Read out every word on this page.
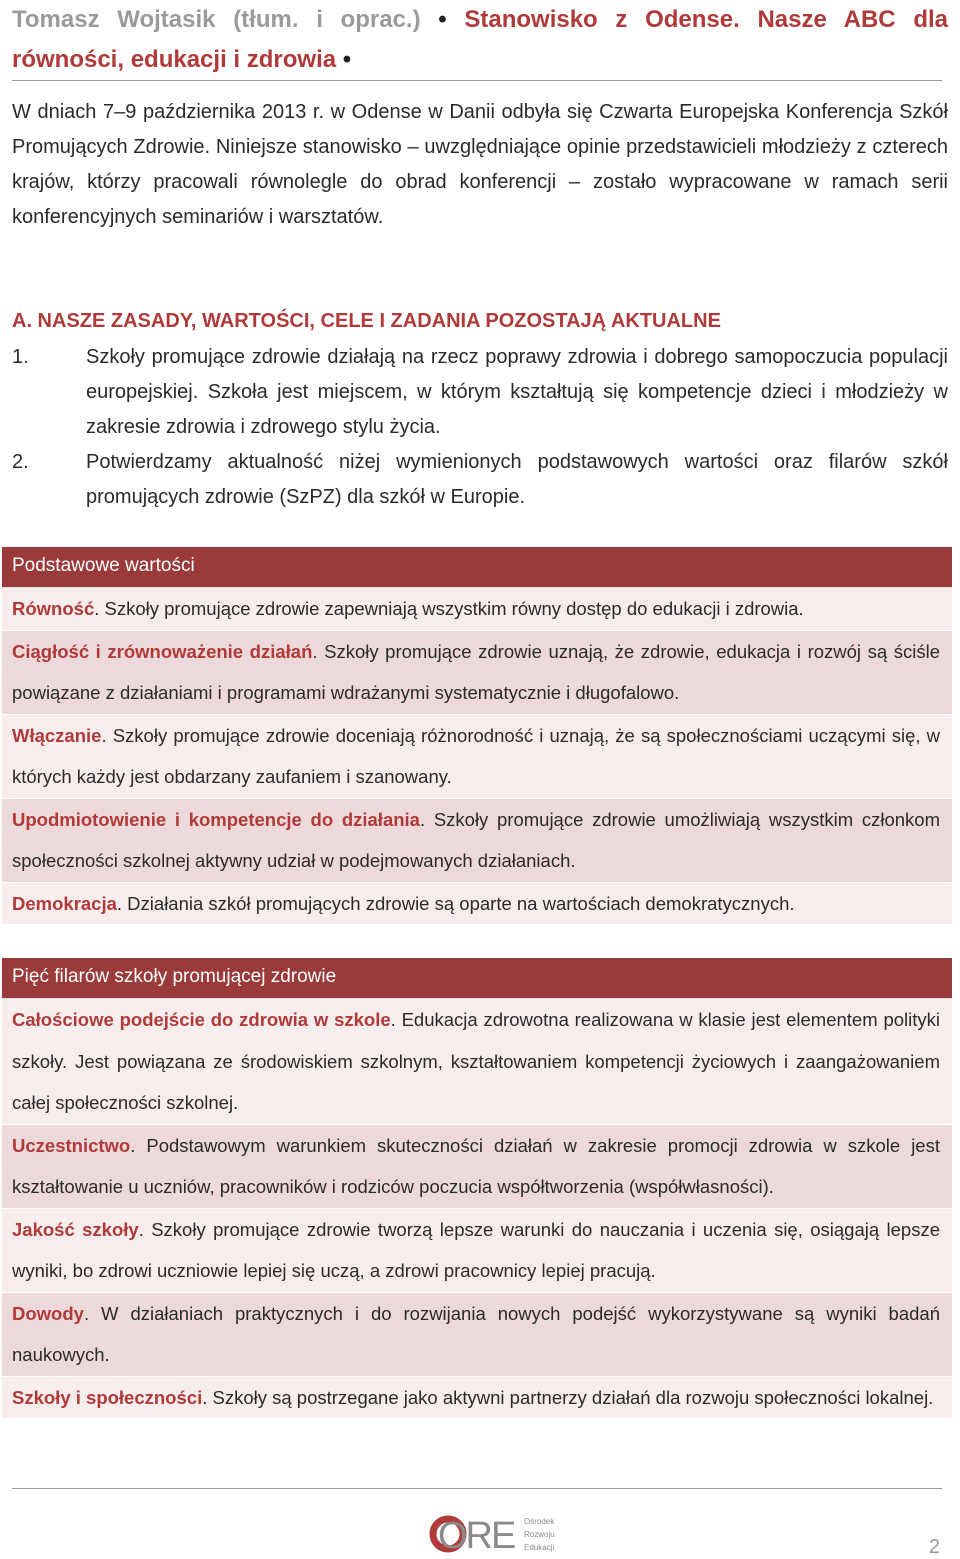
Tomasz Wojtasik (tłum. i oprac.) • Stanowisko z Odense. Nasze ABC dla
równości, edukacji i zdrowia •
W dniach 7–9 października 2013 r. w Odense w Danii odbyła się Czwarta Europejska Konferencja Szkół Promujących Zdrowie. Niniejsze stanowisko – uwzględniające opinie przedstawicieli młodzieży z czterech krajów, którzy pracowali równolegle do obrad konferencji – zostało wypracowane w ramach serii konferencyjnych seminariów i warsztatów.
A. NASZE ZASADY, WARTOŚCI, CELE I ZADANIA POZOSTAJĄ AKTUALNE
1.	Szkoły promujące zdrowie działają na rzecz poprawy zdrowia i dobrego samopoczucia populacji europejskiej. Szkoła jest miejscem, w którym kształtują się kompetencje dzieci i młodzieży w zakresie zdrowia i zdrowego stylu życia.
2.	Potwierdzamy aktualność niżej wymienionych podstawowych wartości oraz filarów szkół promujących zdrowie (SzPZ) dla szkół w Europie.
Podstawowe wartości
Równość. Szkoły promujące zdrowie zapewniają wszystkim równy dostęp do edukacji i zdrowia.
Ciągłość i zrównoważenie działań. Szkoły promujące zdrowie uznają, że zdrowie, edukacja i rozwój są ściśle powiązane z działaniami i programami wdrażanymi systematycznie i długofalowo.
Włączanie. Szkoły promujące zdrowie doceniają różnorodność i uznają, że są społecznościami uczącymi się, w których każdy jest obdarzany zaufaniem i szanowany.
Upodmiotowienie i kompetencje do działania. Szkoły promujące zdrowie umożliwiają wszystkim członkom społeczności szkolnej aktywny udział w podejmowanych działaniach.
Demokracja. Działania szkół promujących zdrowie są oparte na wartościach demokratycznych.
Pięć filarów szkoły promującej zdrowie
Całościowe podejście do zdrowia w szkole. Edukacja zdrowotna realizowana w klasie jest elementem polityki szkoły. Jest powiązana ze środowiskiem szkolnym, kształtowaniem kompetencji życiowych i zaangażowaniem całej społeczności szkolnej.
Uczestnictwo. Podstawowym warunkiem skuteczności działań w zakresie promocji zdrowia w szkole jest kształtowanie u uczniów, pracowników i rodziców poczucia współtworzenia (współwłasności).
Jakość szkoły. Szkoły promujące zdrowie tworzą lepsze warunki do nauczania i uczenia się, osiągają lepsze wyniki, bo zdrowi uczniowie lepiej się uczą, a zdrowi pracownicy lepiej pracują.
Dowody. W działaniach praktycznych i do rozwijania nowych podejść wykorzystywane są wyniki badań naukowych.
Szkoły i społeczności. Szkoły są postrzegane jako aktywni partnerzy działań dla rozwoju społeczności lokalnej.
ORE Ośrodek
Rozwoju
Edukacji	2
